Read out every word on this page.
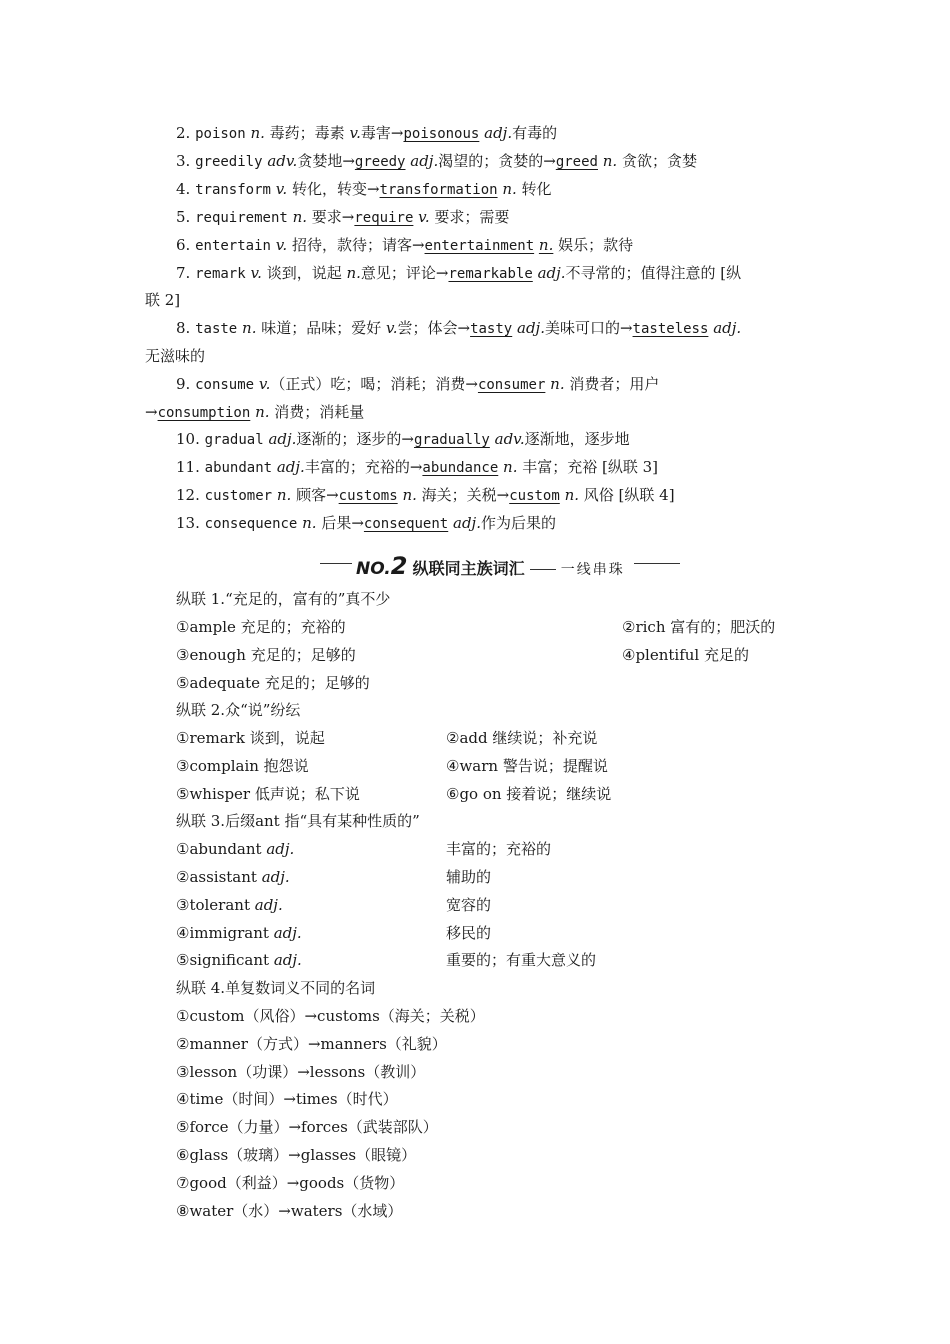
2. poison n. 毒药；毒素 v.毒害→poisonous adj.有毒的
3. greedily adv.贪婪地→greedy adj.渴望的；贪婪的→greed n. 贪欲；贪婪
4. transform v. 转化，转变→transformation n. 转化
5. requirement n. 要求→require v. 要求；需要
6. entertain v. 招待，款待；请客→entertainment n. 娱乐；款待
7. remark v. 谈到，说起 n.意见；评论→remarkable adj.不寻常的；值得注意的 [纵
联 2]
8. taste n. 味道；品味；爱好 v.尝；体会→tasty adj.美味可口的→tasteless adj.
无滋味的
9. consume v.（正式）吃；喝；消耗；消费→consumer n. 消费者；用户
→consumption n. 消费；消耗量
10. gradual adj.逐渐的；逐步的→gradually adv.逐渐地，逐步地
11. abundant adj.丰富的；充裕的→abundance n. 丰富；充裕 [纵联 3]
12. customer n. 顾客→customs n. 海关；关税→custom n. 风俗 [纵联 4]
13. consequence n. 后果→consequent adj.作为后果的
NO.2 纵联同主族词汇	一线串珠
纵联 1.“充足的，富有的”真不少
①ample 充足的；充裕的	②rich 富有的；肥沃的
③enough 充足的；足够的	④plentiful 充足的
⑤adequate 充足的；足够的
纵联 2.众“说”纷纭
①remark 谈到，说起	②add 继续说；补充说
③complain 抱怨说	④warn 警告说；提醒说
⑤whisper 低声说；私下说	⑥go on 接着说；继续说
纵联 3.后缀ant 指“具有某种性质的”
①abundant adj.	丰富的；充裕的
②assistant adj.	辅助的
③tolerant adj.	宽容的
④immigrant adj.	移民的
⑤significant adj.	重要的；有重大意义的
纵联 4.单复数词义不同的名词
①custom（风俗）→customs（海关；关税）
②manner（方式）→manners（礼貌）
③lesson（功课）→lessons（教训）
④time（时间）→times（时代）
⑤force（力量）→forces（武装部队）
⑥glass（玻璃）→glasses（眼镜）
⑦good（利益）→goods（货物）
⑧water（水）→waters（水域）
